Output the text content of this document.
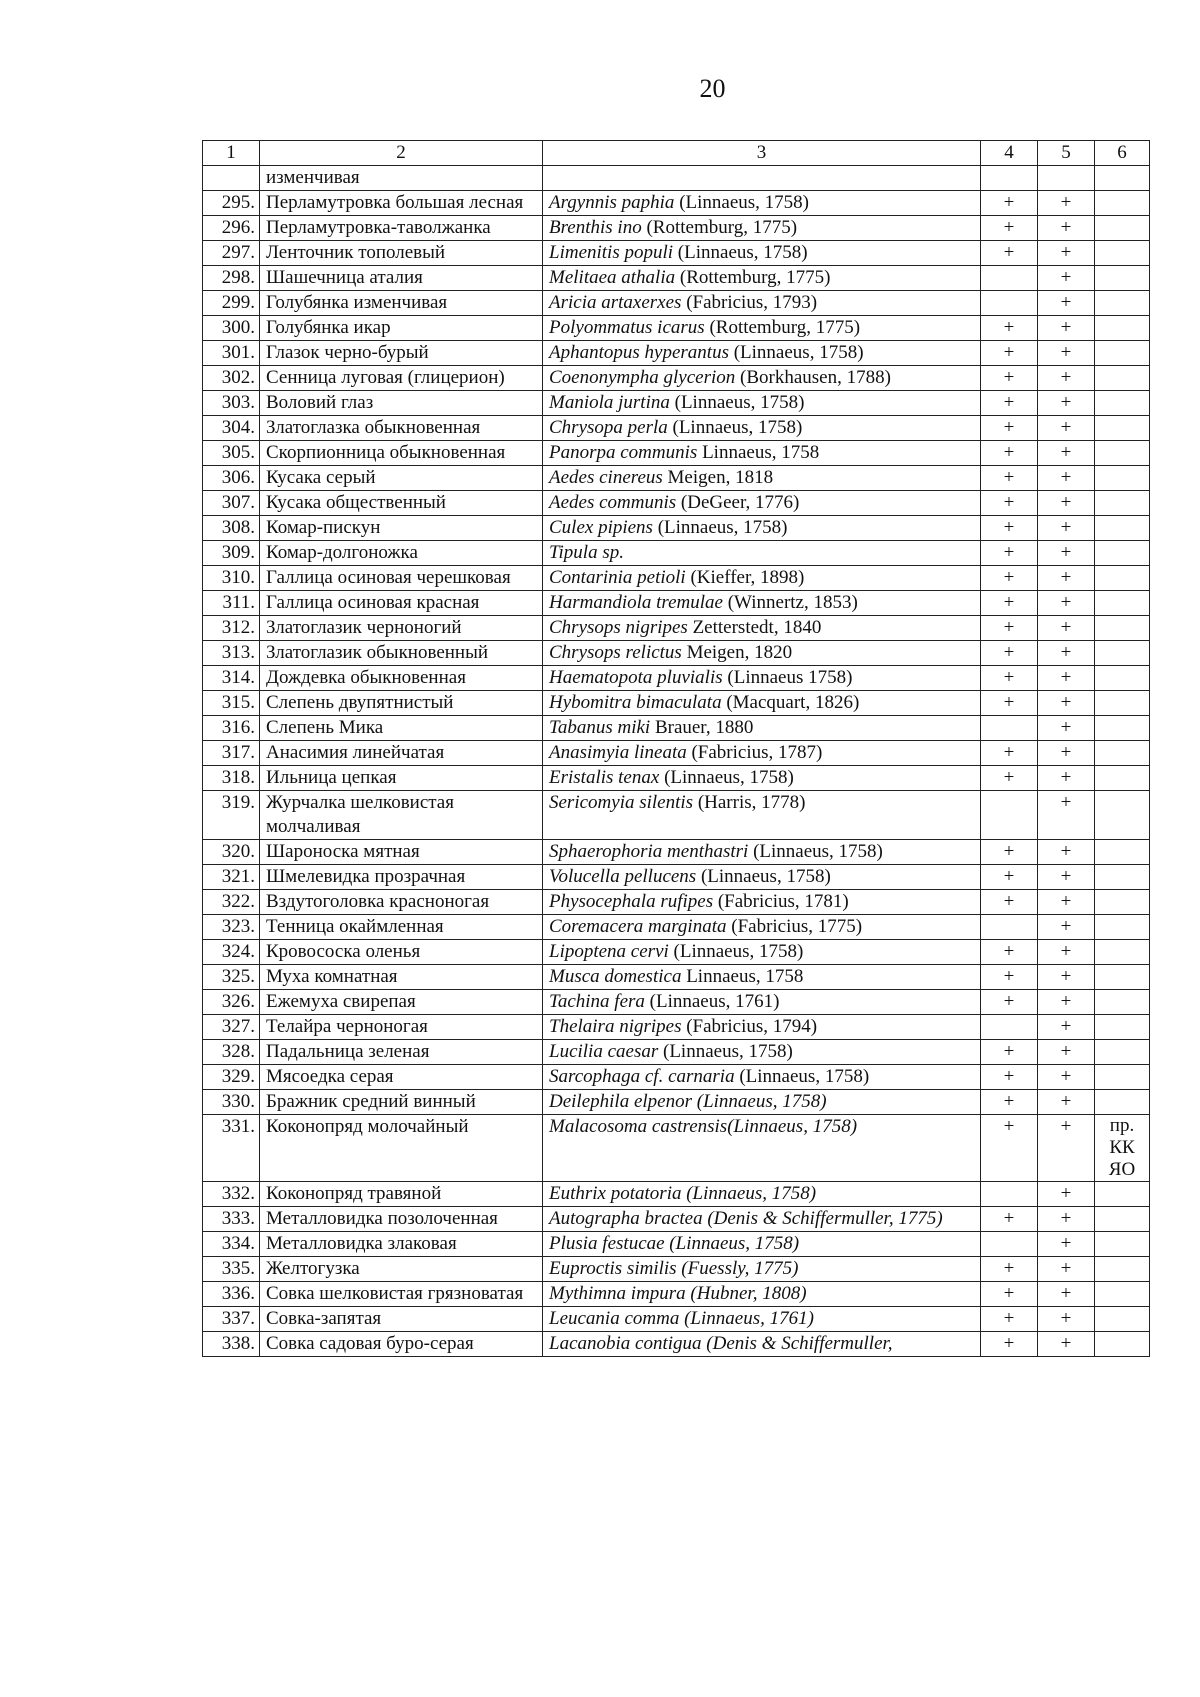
20
1	2	3	4	5	6
	изменчивая				
295.	Перламутровка большая лесная	Argynnis paphia (Linnaeus, 1758)	+	+	
296.	Перламутровка-таволжанка	Brenthis ino (Rottemburg, 1775)	+	+	
297.	Ленточник тополевый	Limenitis populi (Linnaeus, 1758)	+	+	
298.	Шашечница аталия	Melitaea athalia (Rottemburg, 1775)		+	
299.	Голубянка изменчивая	Aricia artaxerxes (Fabricius, 1793)		+	
300.	Голубянка икар	Polyommatus icarus (Rottemburg, 1775)	+	+	
301.	Глазок черно-бурый	Aphantopus hyperantus (Linnaeus, 1758)	+	+	
302.	Сенница луговая (глицерион)	Coenonympha glycerion (Borkhausen, 1788)	+	+	
303.	Воловий глаз	Maniola jurtina (Linnaeus, 1758)	+	+	
304.	Златоглазка обыкновенная	Chrysopa perla (Linnaeus, 1758)	+	+	
305.	Скорпионница обыкновенная	Panorpa communis Linnaeus, 1758	+	+	
306.	Кусака серый	Aedes cinereus Meigen, 1818	+	+	
307.	Кусака общественный	Aedes communis (DeGeer, 1776)	+	+	
308.	Комар-пискун	Culex pipiens (Linnaeus, 1758)	+	+	
309.	Комар-долгоножка	Tipula sp.	+	+	
310.	Галлица осиновая черешковая	Contarinia petioli (Kieffer, 1898)	+	+	
311.	Галлица осиновая красная	Harmandiola tremulae (Winnertz, 1853)	+	+	
312.	Златоглазик черноногий	Chrysops nigripes Zetterstedt, 1840	+	+	
313.	Златоглазик обыкновенный	Chrysops relictus Meigen, 1820	+	+	
314.	Дождевка обыкновенная	Haematopota pluvialis (Linnaeus 1758)	+	+	
315.	Слепень двупятнистый	Hybomitra bimaculata (Macquart, 1826)	+	+	
316.	Слепень Мика	Tabanus miki Brauer, 1880		+	
317.	Анасимия линейчатая	Anasimyia lineata (Fabricius, 1787)	+	+	
318.	Ильница цепкая	Eristalis tenax (Linnaeus, 1758)	+	+	
319.	Журчалка шелковистая молчаливая	Sericomyia silentis (Harris, 1778)		+	
320.	Шароноска мятная	Sphaerophoria menthastri (Linnaeus, 1758)	+	+	
321.	Шмелевидка прозрачная	Volucella pellucens (Linnaeus, 1758)	+	+	
322.	Вздутоголовка красноногая	Physocephala rufipes (Fabricius, 1781)	+	+	
323.	Тенница окаймленная	Coremacera marginata (Fabricius, 1775)		+	
324.	Кровососка оленья	Lipoptena cervi (Linnaeus, 1758)	+	+	
325.	Муха комнатная	Musca domestica Linnaeus, 1758	+	+	
326.	Ежемуха свирепая	Tachina fera (Linnaeus, 1761)	+	+	
327.	Телайра черноногая	Thelaira nigripes (Fabricius, 1794)		+	
328.	Падальница зеленая	Lucilia caesar (Linnaeus, 1758)	+	+	
329.	Мясоедка серая	Sarcophaga cf. carnaria (Linnaeus, 1758)	+	+	
330.	Бражник средний винный	Deilephila elpenor (Linnaeus, 1758)	+	+	
331.	Коконопряд молочайный	Malacosoma castrensis(Linnaeus, 1758)	+	+	пр. КК ЯО
332.	Коконопряд травяной	Euthrix potatoria (Linnaeus, 1758)		+	
333.	Металловидка позолоченная	Autographa bractea (Denis & Schiffermuller, 1775)	+	+	
334.	Металловидка злаковая	Plusia festucae (Linnaeus, 1758)		+	
335.	Желтогузка	Euproctis similis (Fuessly, 1775)	+	+	
336.	Совка шелковистая грязноватая	Mythimna impura (Hubner, 1808)	+	+	
337.	Совка-запятая	Leucania comma (Linnaeus, 1761)	+	+	
338.	Совка садовая буро-серая	Lacanobia contigua (Denis & Schiffermuller,	+	+	
